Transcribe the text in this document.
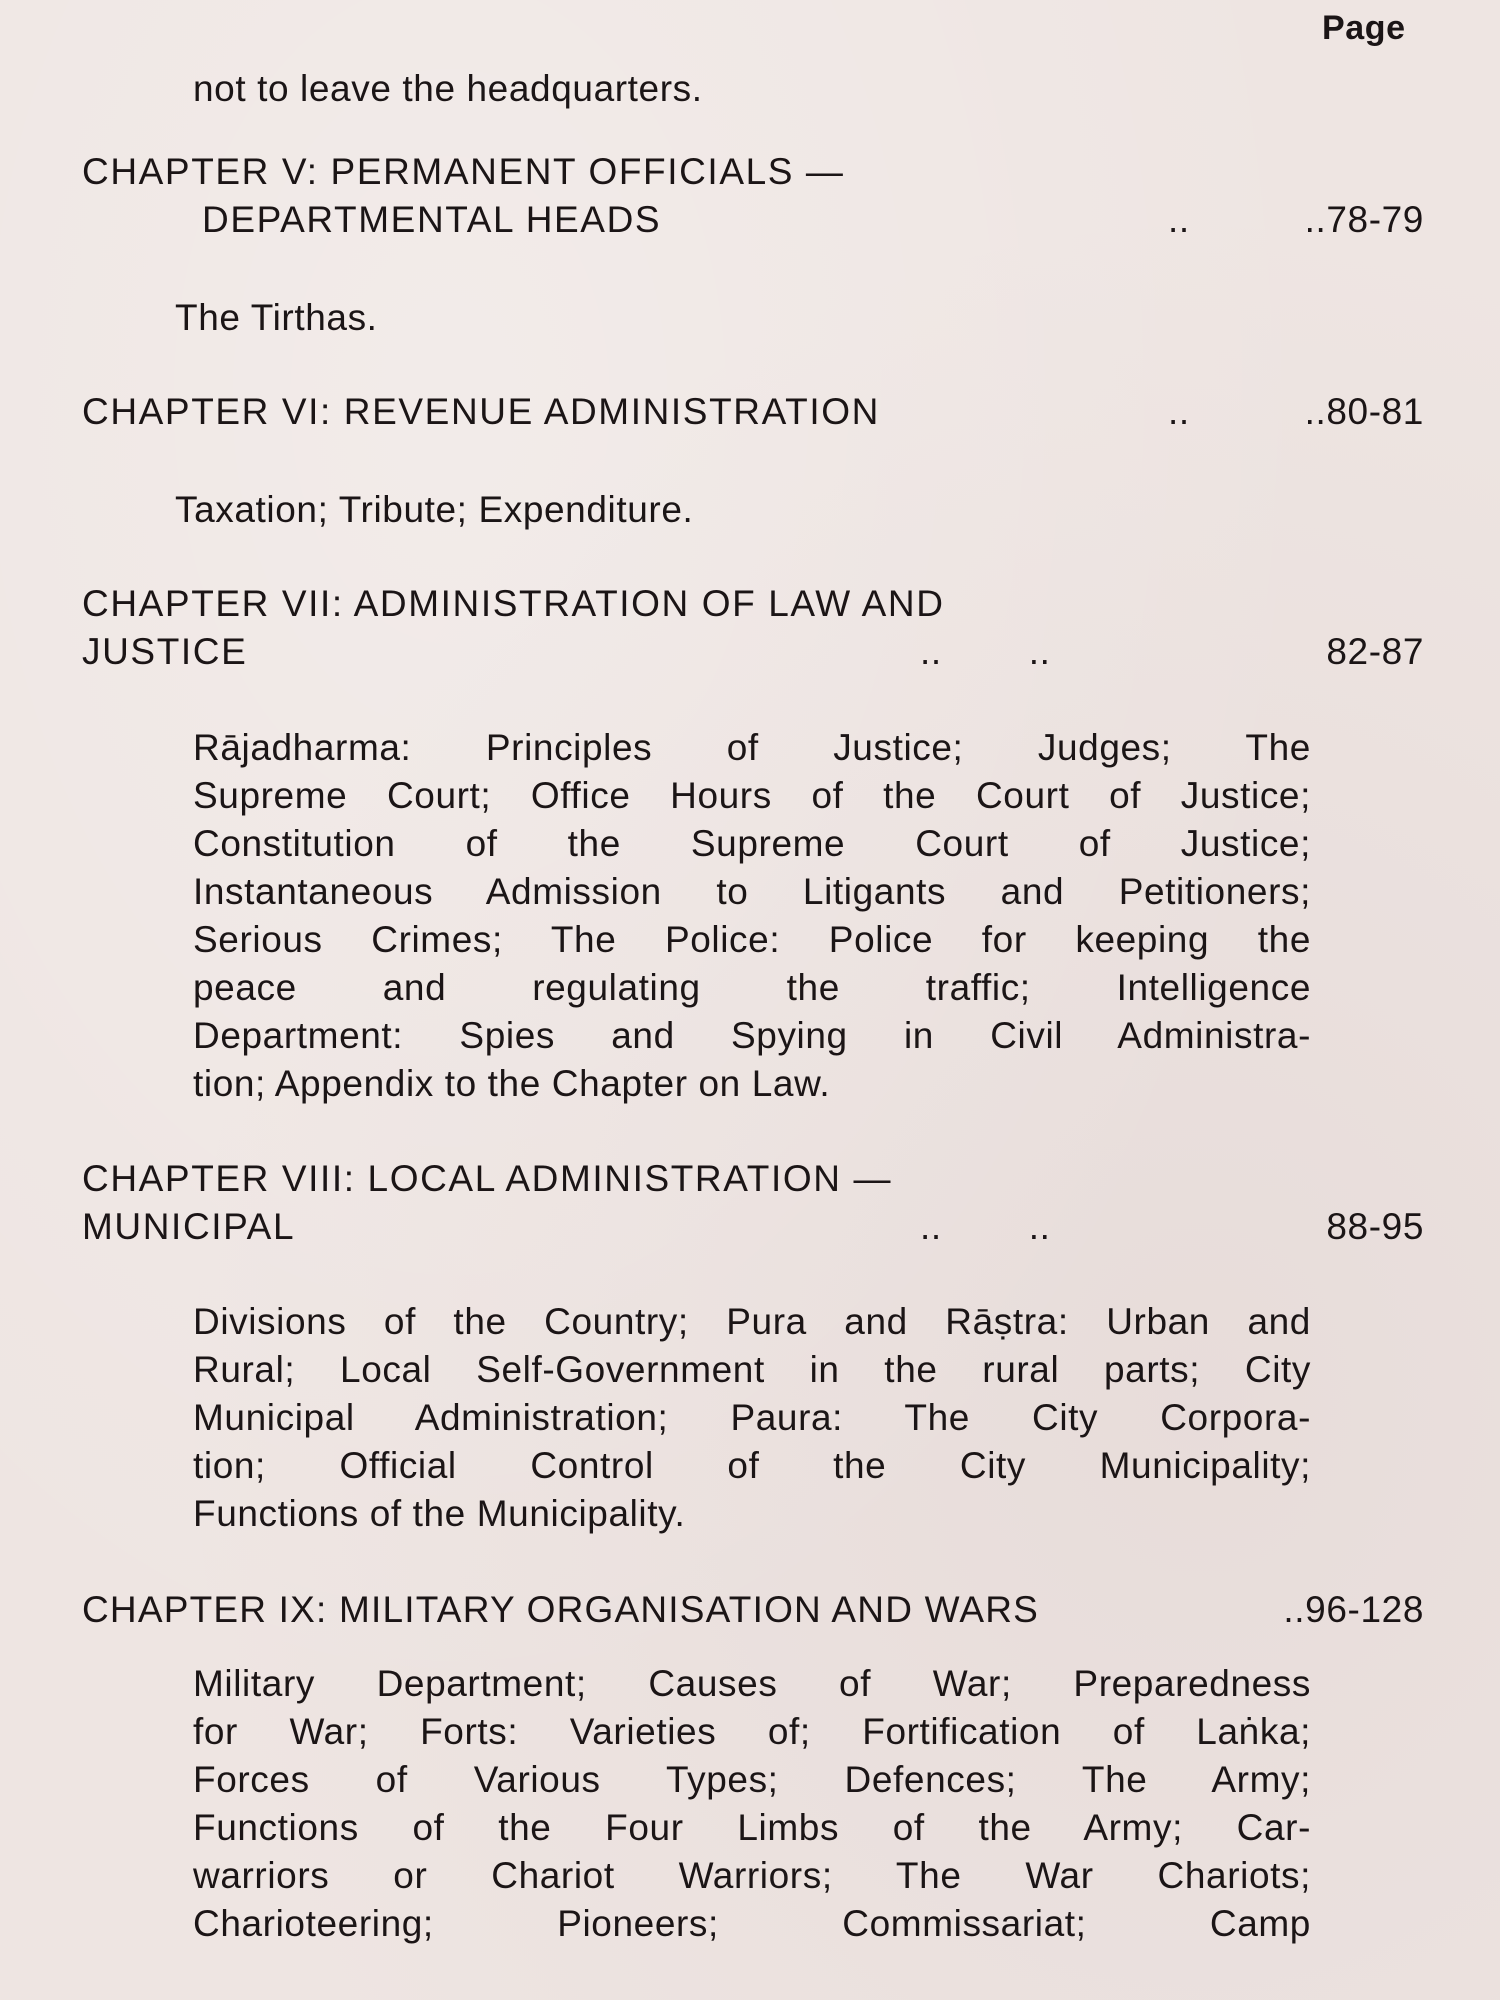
Page
not to leave the headquarters.
CHAPTER V: PERMANENT OFFICIALS —
DEPARTMENTAL HEADS	..	..78-79
The Tirthas.
CHAPTER VI: REVENUE ADMINISTRATION	..	..80-81
Taxation; Tribute; Expenditure.
CHAPTER VII: ADMINISTRATION OF LAW AND
JUSTICE	..        ..	82-87
Rājadharma: Principles of Justice; Judges; The
Supreme Court; Office Hours of the Court of Justice;
Constitution of the Supreme Court of Justice;
Instantaneous Admission to Litigants and Petitioners;
Serious Crimes; The Police: Police for keeping the
peace and regulating the traffic; Intelligence
Department: Spies and Spying in Civil Administra-
tion; Appendix to the Chapter on Law.
CHAPTER VIII: LOCAL ADMINISTRATION —
MUNICIPAL	..        ..	88-95
Divisions of the Country; Pura and Rāṣtra: Urban and
Rural; Local Self-Government in the rural parts; City
Municipal Administration; Paura: The City Corpora-
tion; Official Control of the City Municipality;
Functions of the Municipality.
CHAPTER IX: MILITARY ORGANISATION AND WARS	..96-128
Military Department; Causes of War; Preparedness
for War; Forts: Varieties of; Fortification of Laṅka;
Forces of Various Types; Defences; The Army;
Functions of the Four Limbs of the Army; Car-
warriors or Chariot Warriors; The War Chariots;
Charioteering; Pioneers; Commissariat; Camp
